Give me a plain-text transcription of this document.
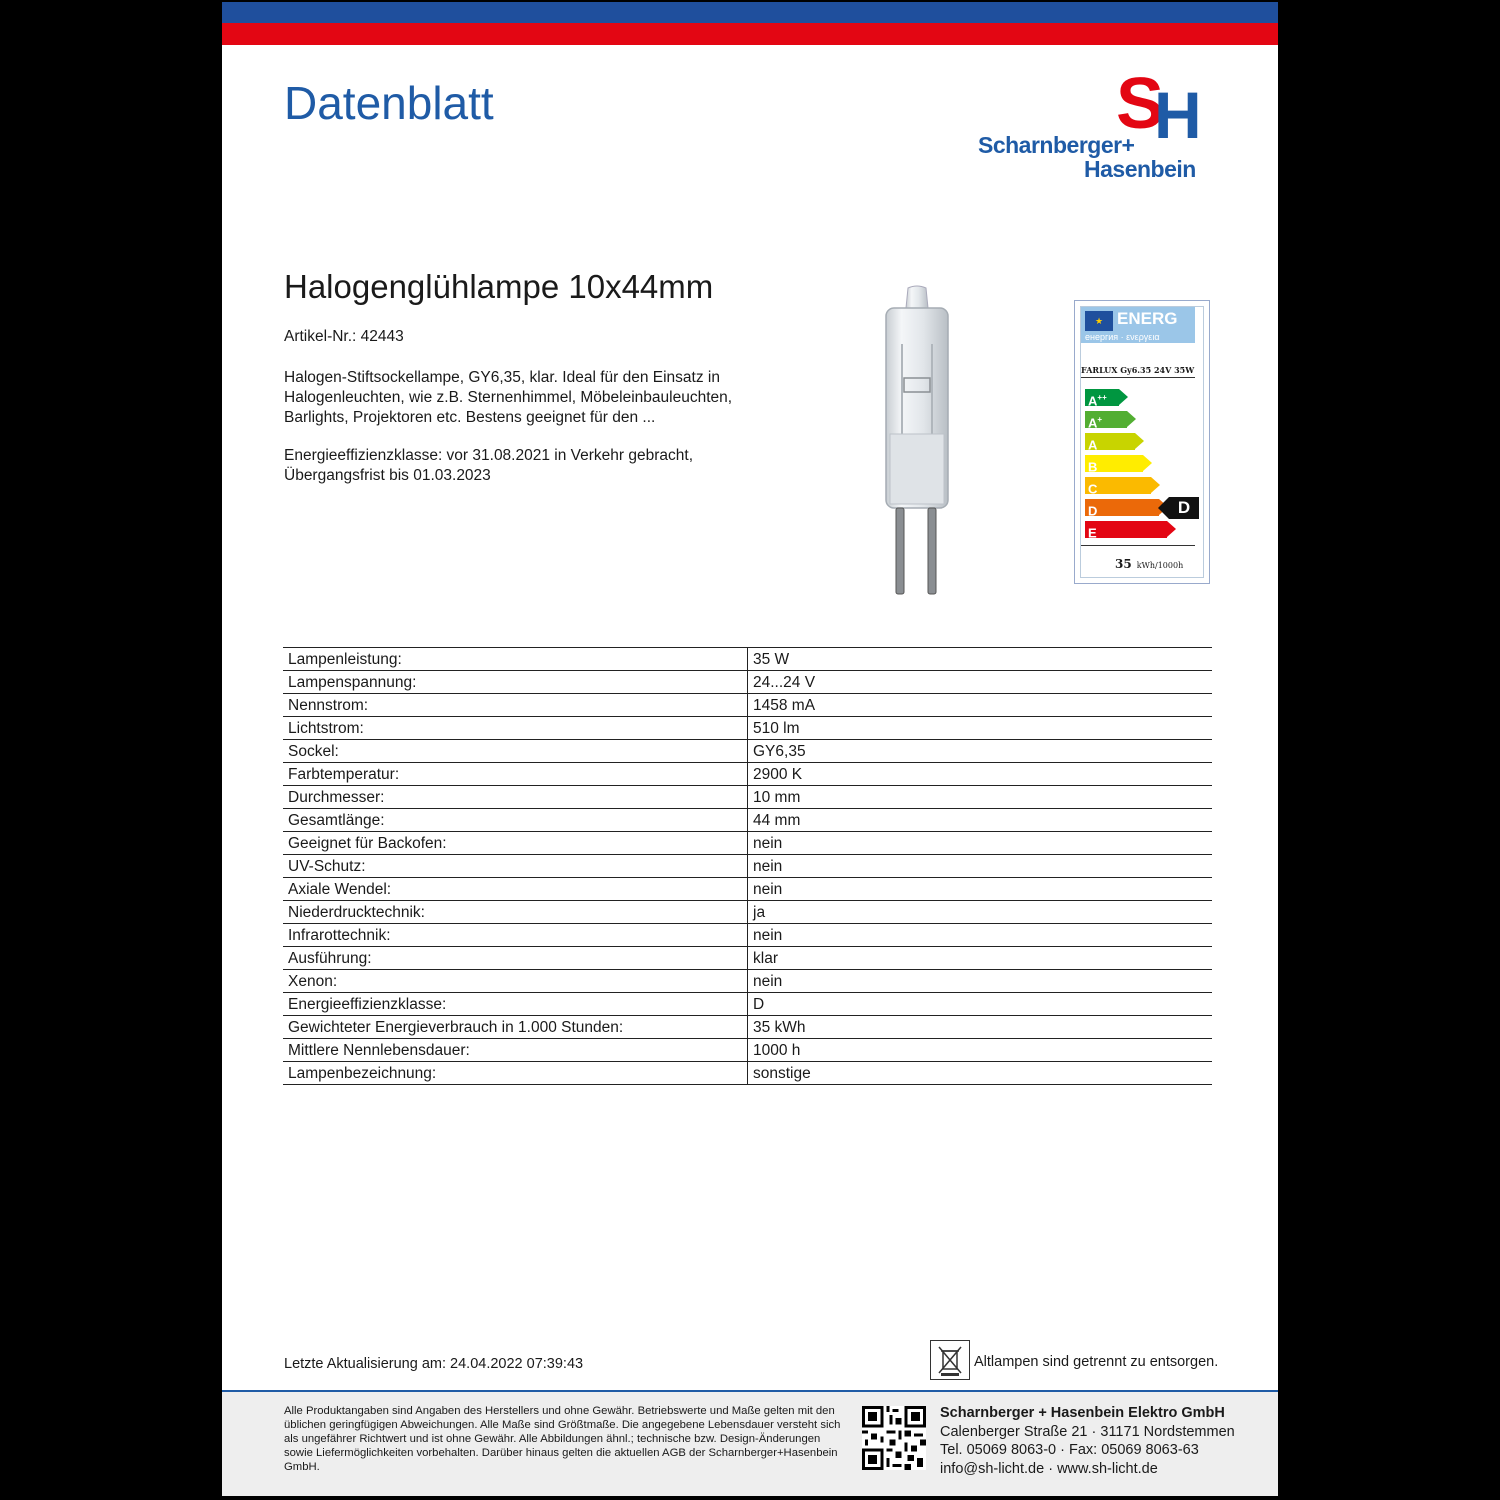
Datenblatt	S
H
Scharnberger+
Hasenbein
Halogenglühlampe 10x44mm
Artikel-Nr.: 42443
Halogen-Stiftsockellampe, GY6,35, klar. Ideal für den Einsatz in Halogenleuchten, wie z.B. Sternenhimmel, Möbeleinbauleuchten, Barlights, Projektoren etc. Bestens geeignet für den ...
Energieeffizienzklasse: vor 31.08.2021 in Verkehr gebracht, Übergangsfrist bis 01.03.2023
★ ENERG
енергия · ενεργεια
FARLUX Gy6.35 24V 35W
A++
A+
A
B
C
D
E
D
35 kWh/1000h
Lampenleistung:	35 W
Lampenspannung:	24...24 V
Nennstrom:	1458 mA
Lichtstrom:	510 lm
Sockel:	GY6,35
Farbtemperatur:	2900 K
Durchmesser:	10 mm
Gesamtlänge:	44 mm
Geeignet für Backofen:	nein
UV-Schutz:	nein
Axiale Wendel:	nein
Niederdrucktechnik:	ja
Infrarottechnik:	nein
Ausführung:	klar
Xenon:	nein
Energieeffizienzklasse:	D
Gewichteter Energieverbrauch in 1.000 Stunden:	35 kWh
Mittlere Nennlebensdauer:	1000 h
Lampenbezeichnung:	sonstige
Letzte Aktualisierung am: 24.04.2022 07:39:43	Altlampen sind getrennt zu entsorgen.
Alle Produktangaben sind Angaben des Herstellers und ohne Gewähr. Betriebswerte und Maße gelten mit den üblichen geringfügigen Abweichungen. Alle Maße sind Größtmaße. Die angegebene Lebensdauer versteht sich als ungefährer Richtwert und ist ohne Gewähr. Alle Abbildungen ähnl.; technische bzw. Design-Änderungen sowie Liefermöglichkeiten vorbehalten. Darüber hinaus gelten die aktuellen AGB der Scharnberger+Hasenbein GmbH.
Scharnberger + Hasenbein Elektro GmbH
Calenberger Straße 21 · 31171 Nordstemmen
Tel. 05069 8063-0 · Fax: 05069 8063-63
info@sh-licht.de · www.sh-licht.de
